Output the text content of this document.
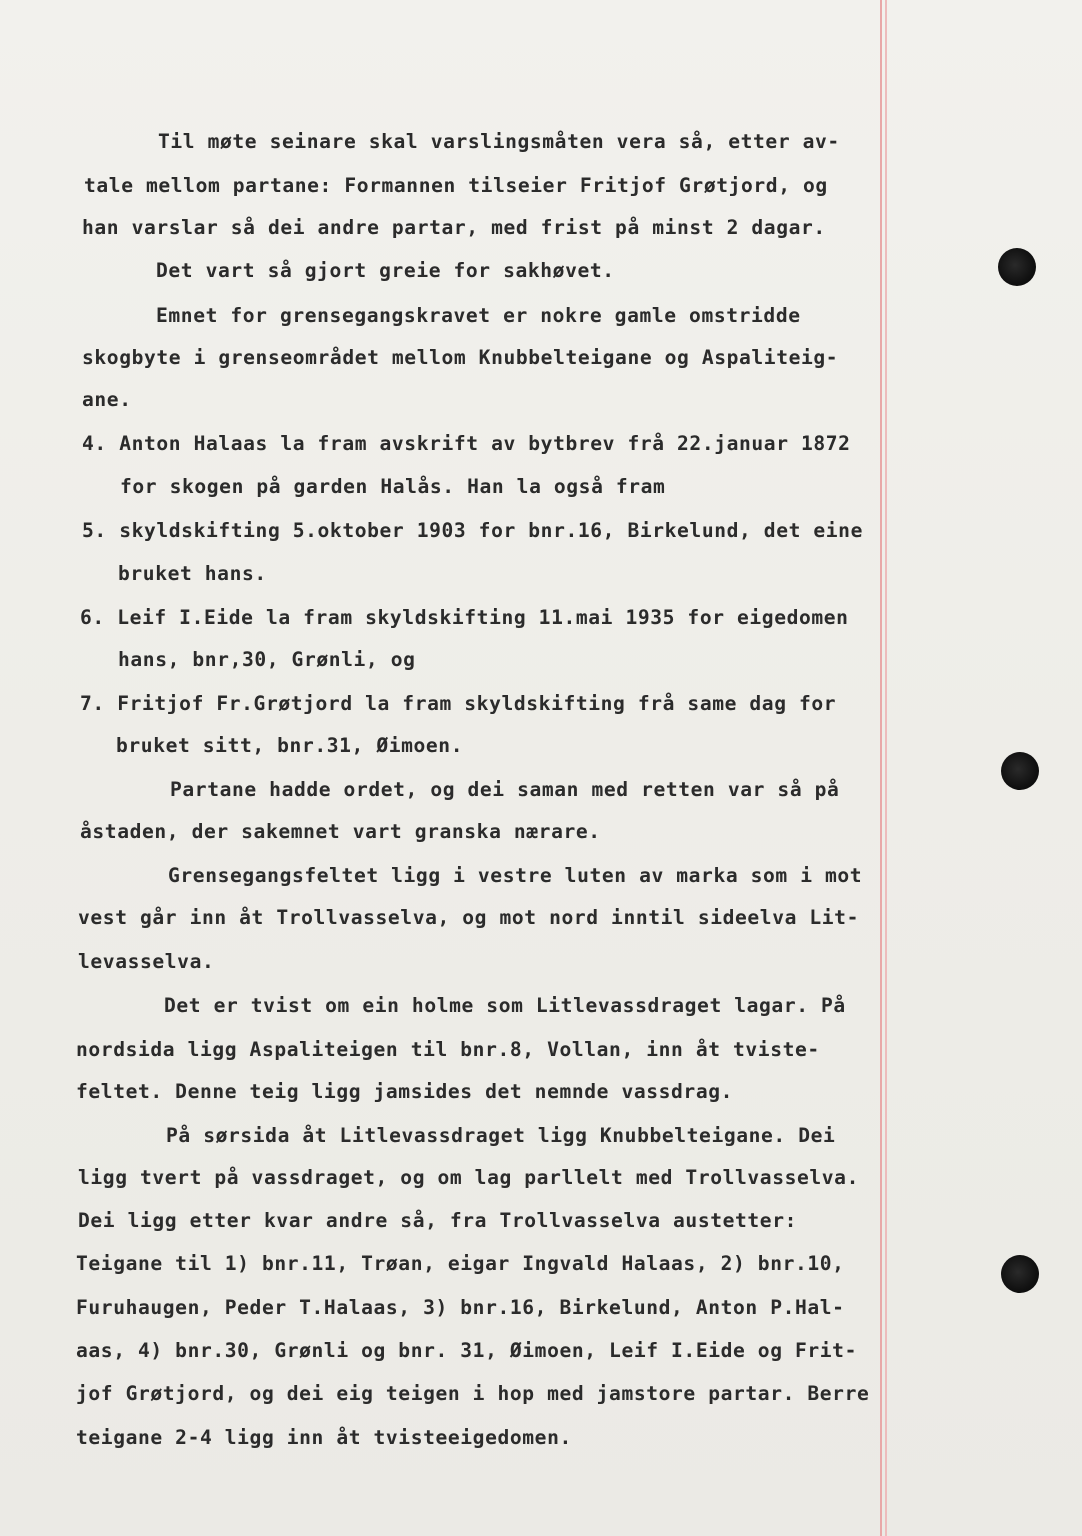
Til møte seinare skal varslingsmåten vera så, etter av-
tale mellom partane: Formannen tilseier Fritjof Grøtjord, og
han varslar så dei andre partar, med frist på minst 2 dagar.
Det vart så gjort greie for sakhøvet.
Emnet for grensegangskravet er nokre gamle omstridde
skogbyte i grenseområdet mellom Knubbelteigane og Aspaliteig-
ane.
4. Anton Halaas la fram avskrift av bytbrev frå 22.januar 1872
for skogen på garden Halås. Han la også fram
5. skyldskifting 5.oktober 1903 for bnr.16, Birkelund, det eine
bruket hans.
6. Leif I.Eide la fram skyldskifting 11.mai 1935 for eigedomen
hans, bnr,30, Grønli, og
7. Fritjof Fr.Grøtjord la fram skyldskifting frå same dag for
bruket sitt, bnr.31, Øimoen.
Partane hadde ordet, og dei saman med retten var så på
åstaden, der sakemnet vart granska nærare.
Grensegangsfeltet ligg i vestre luten av marka som i mot
vest går inn åt Trollvasselva, og mot nord inntil sideelva Lit-
levasselva.
Det er tvist om ein holme som Litlevassdraget lagar. På
nordsida ligg Aspaliteigen til bnr.8, Vollan, inn åt tviste-
feltet. Denne teig ligg jamsides det nemnde vassdrag.
På sørsida åt Litlevassdraget ligg Knubbelteigane. Dei
ligg tvert på vassdraget, og om lag parllelt med Trollvasselva.
Dei ligg etter kvar andre så, fra Trollvasselva austetter:
Teigane til 1) bnr.11, Trøan, eigar Ingvald Halaas, 2) bnr.10,
Furuhaugen, Peder T.Halaas, 3) bnr.16, Birkelund, Anton P.Hal-
aas, 4) bnr.30, Grønli og bnr. 31, Øimoen, Leif I.Eide og Frit-
jof Grøtjord, og dei eig teigen i hop med jamstore partar. Berre
teigane 2-4 ligg inn åt tvisteeigedomen.
